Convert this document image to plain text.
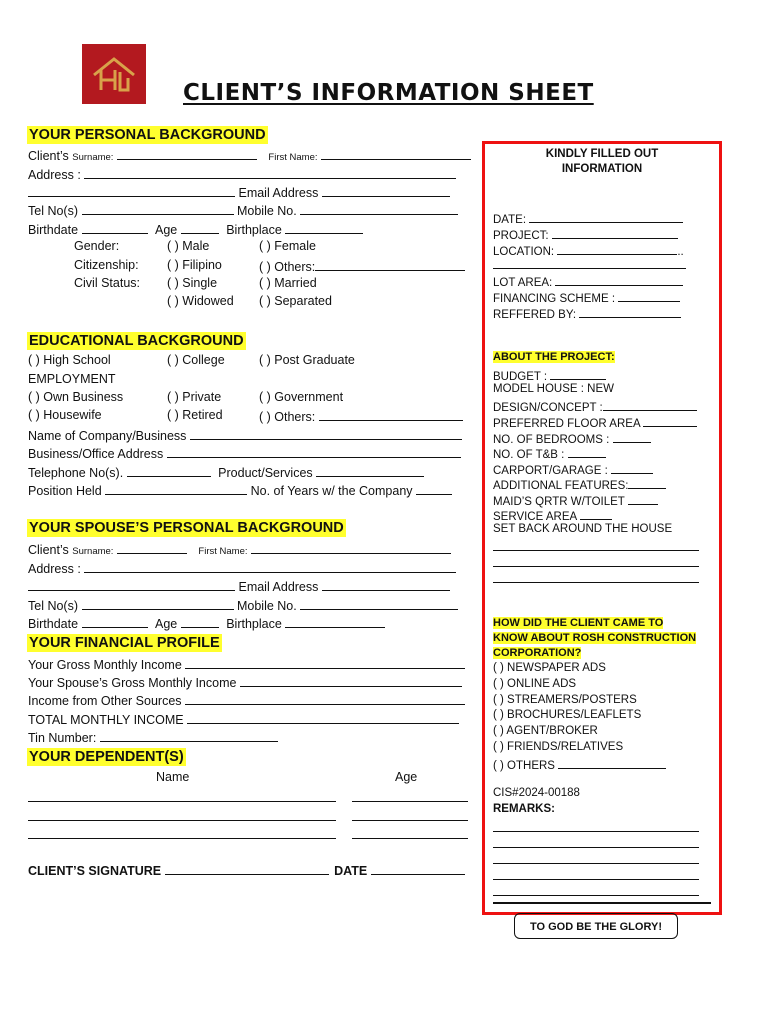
CLIENT’S INFORMATION SHEET
YOUR PERSONAL BACKGROUND
Client’s Surname:	First Name:
Address :
Email Address
Tel No(s)	Mobile No.
Birthdate	Age	Birthplace
Gender:	( ) Male	( ) Female
Citizenship: ( ) Filipino	( ) Others:
Civil Status: ( ) Single	( ) Married
( ) Widowed ( ) Separated
EDUCATIONAL BACKGROUND
( ) High School	( ) College	( ) Post Graduate
EMPLOYMENT
( ) Own Business	( ) Private	( ) Government
( ) Housewife	( ) Retired	( ) Others:
Name of Company/Business
Business/Office Address
Telephone No(s).	Product/Services
Position Held	No. of Years w/ the Company
YOUR SPOUSE’S PERSONAL BACKGROUND
Client’s Surname:	First Name:
Address :
Email Address
Tel No(s)	Mobile No.
Birthdate	Age	Birthplace
YOUR FINANCIAL PROFILE
Your Gross Monthly Income
Your Spouse’s Gross Monthly Income
Income from Other Sources
TOTAL MONTHLY INCOME
Tin Number:
YOUR DEPENDENT(S)
Name	Age
CLIENT’S SIGNATURE	DATE
KINDLY FILLED OUT
INFORMATION
DATE:
PROJECT:
LOCATION:	..
LOT AREA:
FINANCING SCHEME :
REFFERED BY:
ABOUT THE PROJECT:
BUDGET :
MODEL HOUSE : NEW
DESIGN/CONCEPT :
PREFERRED FLOOR AREA
NO. OF BEDROOMS :
NO. OF T&B :
CARPORT/GARAGE :
ADDITIONAL FEATURES:
MAID’S QRTR W/TOILET
SERVICE AREA
SET BACK AROUND THE HOUSE
HOW DID THE CLIENT CAME TO
KNOW ABOUT ROSH CONSTRUCTION
CORPORATION?
( ) NEWSPAPER ADS
( ) ONLINE ADS
( ) STREAMERS/POSTERS
( ) BROCHURES/LEAFLETS
( ) AGENT/BROKER
( ) FRIENDS/RELATIVES
( ) OTHERS
CIS#2024-00188
REMARKS:
TO GOD BE THE GLORY!
